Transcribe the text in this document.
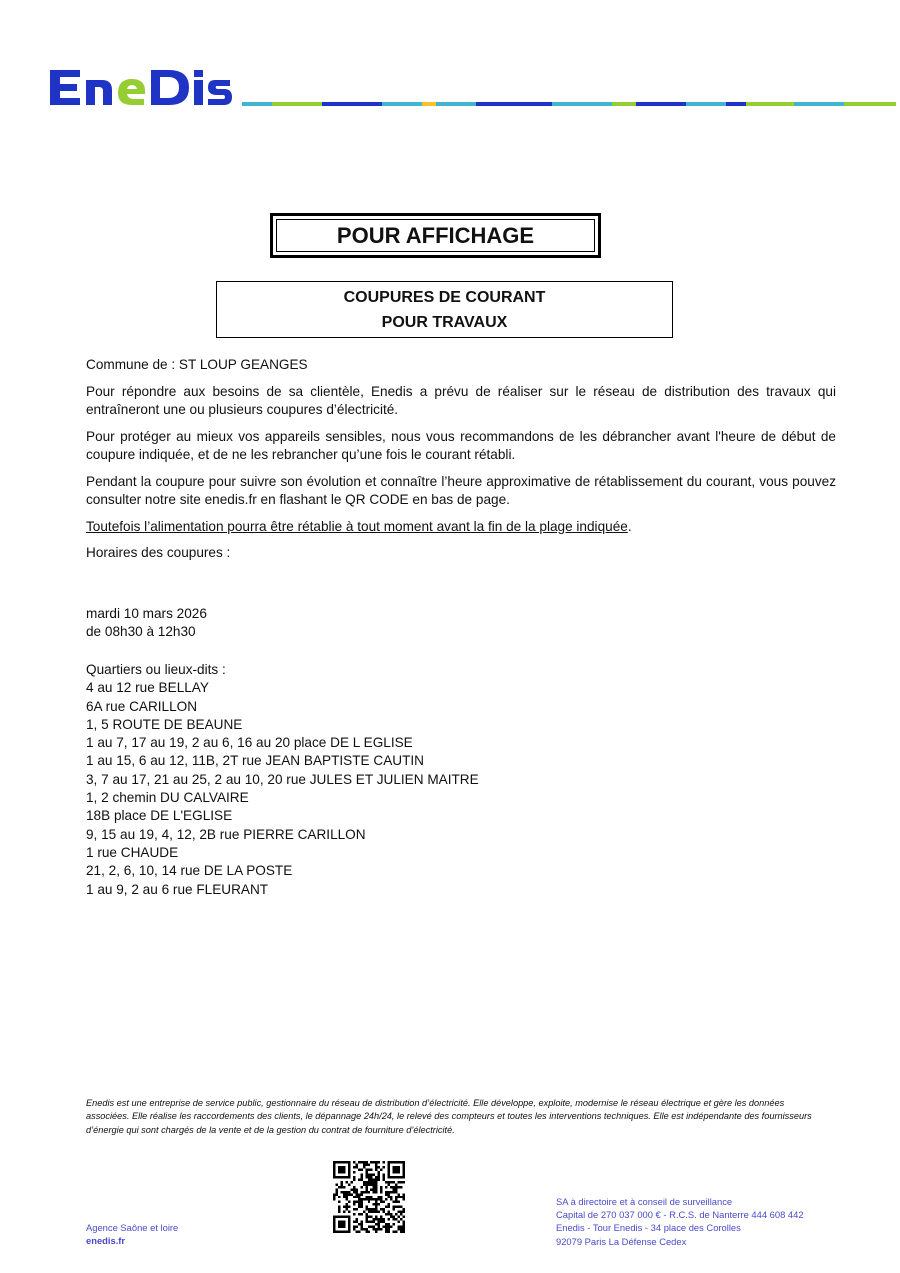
POUR AFFICHAGE
COUPURES DE COURANT
POUR TRAVAUX

Commune de : ST LOUP GEANGES

Pour répondre aux besoins de sa clientèle, Enedis a prévu de réaliser sur le réseau de distribution des travaux qui entraîneront une ou plusieurs coupures d’électricité.

Pour protéger au mieux vos appareils sensibles, nous vous recommandons de les débrancher avant l'heure de début de coupure indiquée, et de ne les rebrancher qu’une fois le courant rétabli.

Pendant la coupure pour suivre son évolution et connaître l’heure approximative de rétablissement du courant, vous pouvez consulter notre site enedis.fr en flashant le QR CODE en bas de page.

Toutefois l’alimentation pourra être rétablie à tout moment avant la fin de la plage indiquée.

Horaires des coupures :

mardi 10 mars 2026
de 08h30 à 12h30
Quartiers ou lieux-dits :
4 au 12 rue BELLAY
6A rue CARILLON
1, 5 ROUTE DE BEAUNE
1 au 7, 17 au 19, 2 au 6, 16 au 20 place DE L EGLISE
1 au 15, 6 au 12, 11B, 2T rue JEAN BAPTISTE CAUTIN
3, 7 au 17, 21 au 25, 2 au 10, 20 rue JULES ET JULIEN MAITRE
1, 2 chemin DU CALVAIRE
18B place DE L'EGLISE
9, 15 au 19, 4, 12, 2B rue PIERRE CARILLON
1 rue CHAUDE
21, 2, 6, 10, 14 rue DE LA POSTE
1 au 9, 2 au 6 rue FLEURANT
Enedis est une entreprise de service public, gestionnaire du réseau de distribution d’électricité. Elle développe, exploite, modernise le réseau électrique et gère les données associées. Elle réalise les raccordements des clients, le dépannage 24h/24, le relevé des compteurs et toutes les interventions techniques. Elle est indépendante des fournisseurs d’énergie qui sont chargés de la vente et de la gestion du contrat de fourniture d’électricité.
Agence Saône et loire
enedis.fr
SA à directoire et à conseil de surveillance
Capital de 270 037 000 € - R.C.S. de Nanterre 444 608 442
Enedis - Tour Enedis - 34 place des Corolles
92079 Paris La Défense Cedex
